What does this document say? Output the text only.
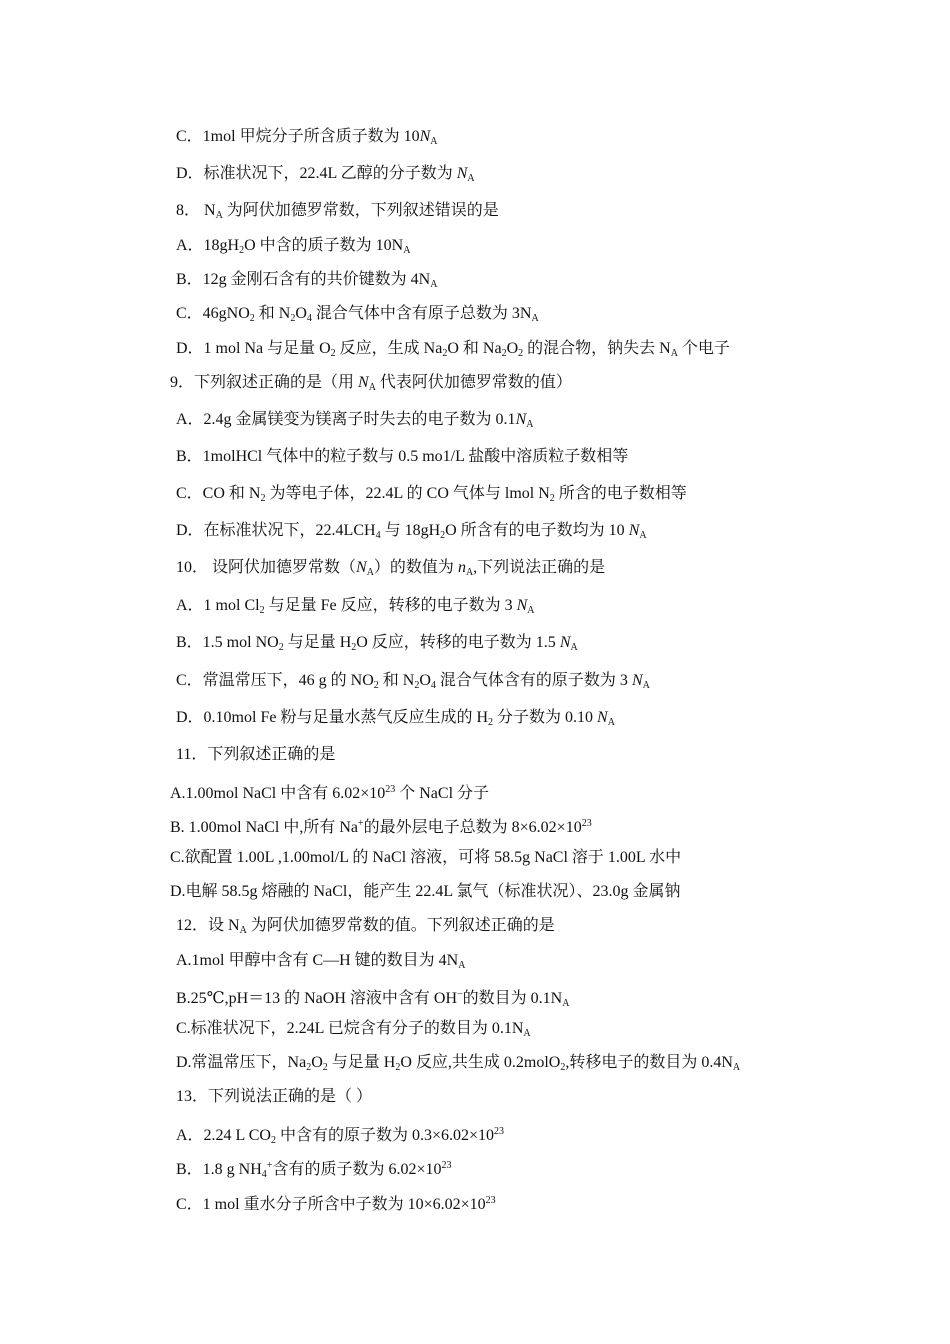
C．1mol 甲烷分子所含质子数为 $10N_A$
D．标准状况下，22.4L 乙醇的分子数为 $N_A$
8． $N_A$ 为阿伏加德罗常数，下列叙述错误的是
A．$18gH_2O$ 中含的质子数为 $10N_A$
B．12g 金刚石含有的共价键数为 $4N_A$
C．46gNO$_2$ 和 $N_2O_4$ 混合气体中含有原子总数为 $3N_A$
D．1 mol Na 与足量 $O_2$ 反应，生成 $Na_2O$ 和 $Na_2O_2$ 的混合物，钠失去 $N_A$ 个电子
9．下列叙述正确的是（用 $N_A$ 代表阿伏加德罗常数的值）
A．2.4g 金属镁变为镁离子时失去的电子数为 $0.1N_A$
B．1molHCl 气体中的粒子数与 0.5 mo1/L 盐酸中溶质粒子数相等
C．CO 和 $N_2$ 为等电子体，22.4L 的 CO 气体与 lmol $N_2$ 所含的电子数相等
D．在标准状况下，$22.4LCH_4$ 与 $18gH_2O$ 所含有的电子数均为 10 $N_A$
10． 设阿伏加德罗常数$(N_A)$的数值为 $n_A$,下列说法正确的是
A．1 mol $Cl_2$ 与足量 Fe 反应，转移的电子数为 3 $N_A$
B．1.5 mol $NO_2$ 与足量 $H_2O$ 反应，转移的电子数为 1.5 $N_A$
C．常温常压下，46 g 的 $NO_2$ 和 $N_2O_4$ 混合气体含有的原子数为 3 $N_A$
D．0.10mol Fe 粉与足量水蒸气反应生成的 $H_2$ 分子数为 0.10 $N_A$
11．下列叙述正确的是
A.1.00mol NaCl 中含有 $6.02\times 10^{23}$ 个 NaCl 分子
B. 1.00mol NaCl 中,所有 Na+的最外层电子总数为 $8\times 6.02\times 10^{23}$
C.欲配置 1.00L ,1.00mol/L 的 NaCl 溶液，可将 58.5g NaCl 溶于 1.00L 水中
D.电解 58.5g 熔融的 NaCl，能产生 22.4L 氯气（标准状况）、23.0g 金属钠
12．设 $N_A$ 为阿伏加德罗常数的值。下列叙述正确的是
A.1mol 甲醇中含有 C—H 键的数目为 $4N_A$
B.25℃,pH＝13 的 NaOH 溶液中含有 OH−的数目为 $0.1N_A$
C.标准状况下，2.24L 已烷含有分子的数目为 $0.1N_A$
D.常温常压下，$Na_2O_2$ 与足量 $H_2O$ 反应,共生成 0.2molO$_2$,转移电子的数目为 $0.4N_A$
13．下列说法正确的是（ ）
A．2.24 L $CO_2$ 中含有的原子数为 $0.3\times 6.02\times 10^{23}$
B．1.8 g $NH_4^+$含有的质子数为 $6.02\times 10^{23}$
C．1 mol 重水分子所含中子数为 $10\times 6.02\times 10^{23}$
